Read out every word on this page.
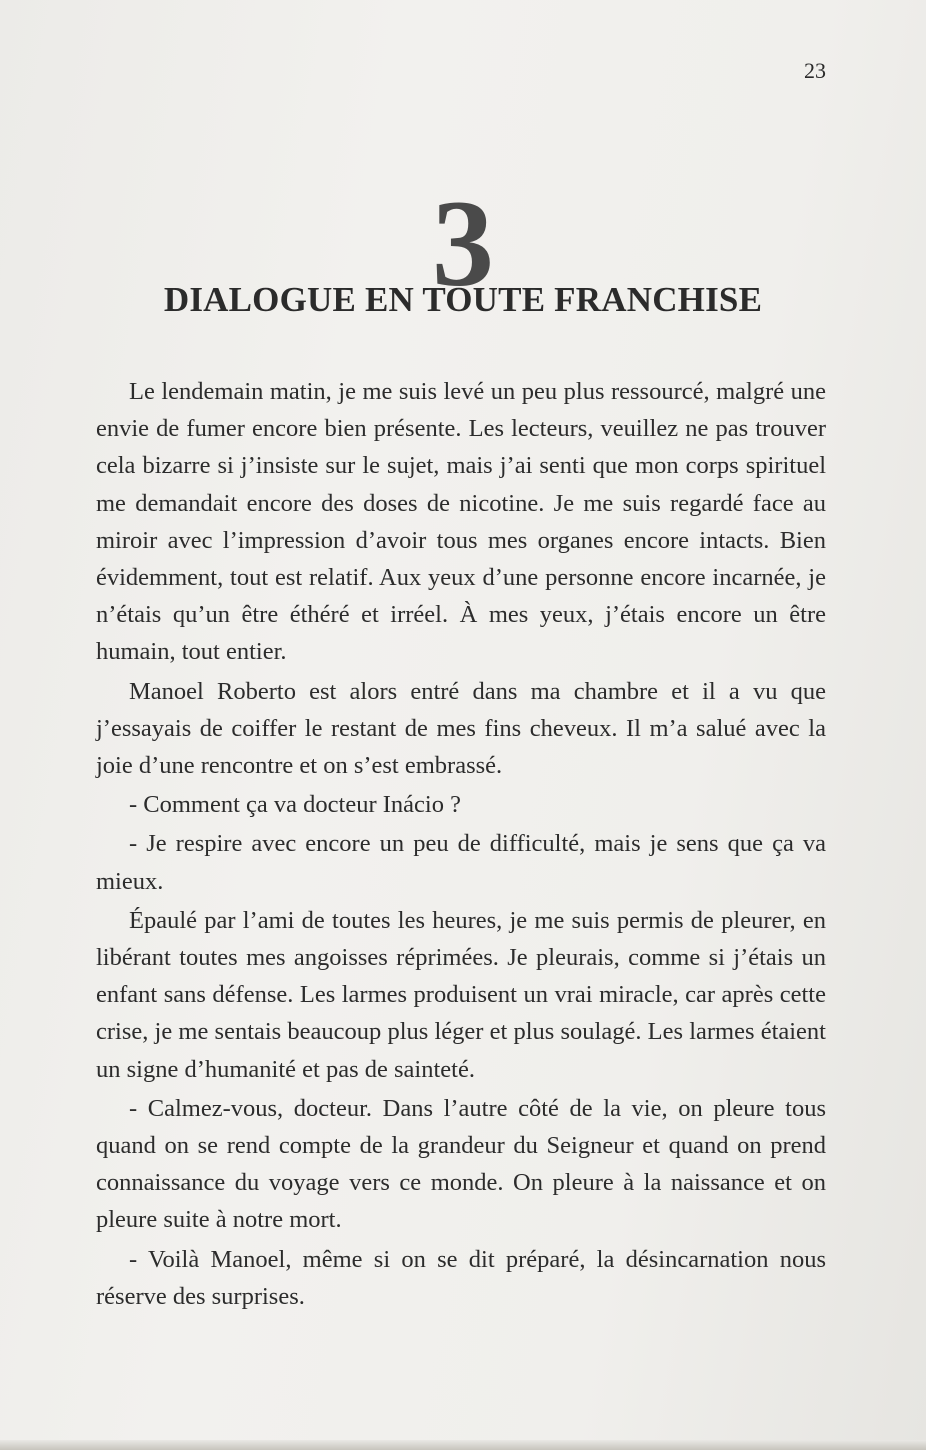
23
3
DIALOGUE EN TOUTE FRANCHISE

Le lendemain matin, je me suis levé un peu plus ressourcé, malgré une envie de fumer encore bien présente. Les lecteurs, veuillez ne pas trouver cela bizarre si j’insiste sur le sujet, mais j’ai senti que mon corps spirituel me demandait encore des doses de nicotine. Je me suis regardé face au miroir avec l’impression d’avoir tous mes organes encore intacts. Bien évidemment, tout est relatif. Aux yeux d’une personne encore incarnée, je n’étais qu’un être éthéré et irréel. À mes yeux, j’étais encore un être humain, tout entier.

Manoel Roberto est alors entré dans ma chambre et il a vu que j’essayais de coiffer le restant de mes fins cheveux. Il m’a salué avec la joie d’une rencontre et on s’est embrassé.

- Comment ça va docteur Inácio ?

- Je respire avec encore un peu de difficulté, mais je sens que ça va mieux.

Épaulé par l’ami de toutes les heures, je me suis permis de pleurer, en libérant toutes mes angoisses réprimées. Je pleurais, comme si j’étais un enfant sans défense. Les larmes produisent un vrai miracle, car après cette crise, je me sentais beaucoup plus léger et plus soulagé. Les larmes étaient un signe d’humanité et pas de sainteté.

- Calmez-vous, docteur. Dans l’autre côté de la vie, on pleure tous quand on se rend compte de la grandeur du Seigneur et quand on prend connaissance du voyage vers ce monde. On pleure à la naissance et on pleure suite à notre mort.

- Voilà Manoel, même si on se dit préparé, la désincarnation nous réserve des surprises.
